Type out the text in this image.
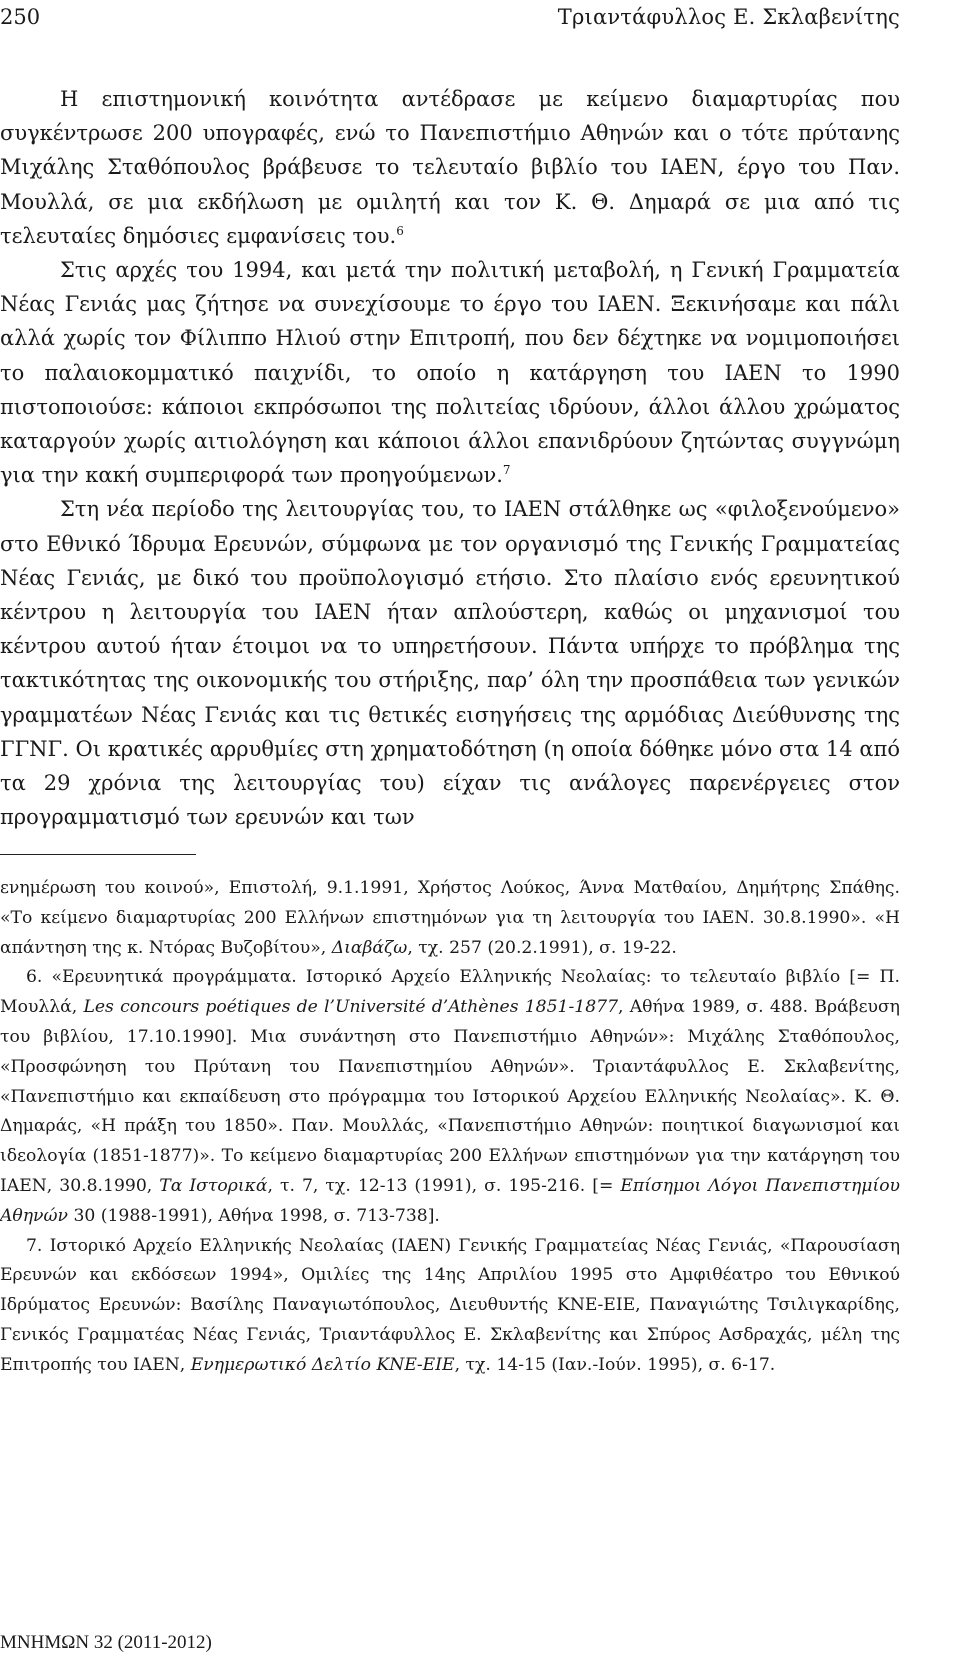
250	Τριαντάφυλλος Ε. Σκλαβενίτης

Η επιστημονική κοινότητα αντέδρασε με κείμενο διαμαρτυρίας που συγκέντρωσε 200 υπογραφές, ενώ το Πανεπιστήμιο Αθηνών και ο τότε πρύτανης Μιχάλης Σταθόπουλος βράβευσε το τελευταίο βιβλίο του ΙΑΕΝ, έργο του Παν. Μουλλά, σε μια εκδήλωση με ομιλητή και τον Κ. Θ. Δημαρά σε μια από τις τελευταίες δημόσιες εμφανίσεις του.$^6$

Στις αρχές του 1994, και μετά την πολιτική μεταβολή, η Γενική Γραμματεία Νέας Γενιάς μας ζήτησε να συνεχίσουμε το έργο του ΙΑΕΝ. Ξεκινήσαμε και πάλι αλλά χωρίς τον Φίλιππο Ηλιού στην Επιτροπή, που δεν δέχτηκε να νομιμοποιήσει το παλαιοκομματικό παιχνίδι, το οποίο η κατάργηση του ΙΑΕΝ το 1990 πιστοποιούσε: κάποιοι εκπρόσωποι της πολιτείας ιδρύουν, άλλοι άλλου χρώματος καταργούν χωρίς αιτιολόγηση και κάποιοι άλλοι επανιδρύουν ζητώντας συγγνώμη για την κακή συμπεριφορά των προηγούμενων.$^7$

Στη νέα περίοδο της λειτουργίας του, το ΙΑΕΝ στάλθηκε ως «φιλοξενούμενο» στο Εθνικό Ίδρυμα Ερευνών, σύμφωνα με τον οργανισμό της Γενικής Γραμματείας Νέας Γενιάς, με δικό του προϋπολογισμό ετήσιο. Στο πλαίσιο ενός ερευνητικού κέντρου η λειτουργία του ΙΑΕΝ ήταν απλούστερη, καθώς οι μηχανισμοί του κέντρου αυτού ήταν έτοιμοι να το υπηρετήσουν. Πάντα υπήρχε το πρόβλημα της τακτικότητας της οικονομικής του στήριξης, παρ’ όλη την προσπάθεια των γενικών γραμματέων Νέας Γενιάς και τις θετικές εισηγήσεις της αρμόδιας Διεύθυνσης της ΓΓΝΓ. Οι κρατικές αρρυθμίες στη χρηματοδότηση (η οποία δόθηκε μόνο στα 14 από τα 29 χρόνια της λειτουργίας του) είχαν τις ανάλογες παρενέργειες στον προγραμματισμό των ερευνών και των

ενημέρωση του κοινού», Επιστολή, 9.1.1991, Χρήστος Λούκος, Άννα Ματθαίου, Δημήτρης Σπάθης. «Το κείμενο διαμαρτυρίας 200 Ελλήνων επιστημόνων για τη λειτουργία του ΙΑΕΝ. 30.8.1990». «Η απάντηση της κ. Ντόρας Βυζοβίτου», Διαβάζω, τχ. 257 (20.2.1991), σ. 19-22.

6. «Ερευνητικά προγράμματα. Ιστορικό Αρχείο Ελληνικής Νεολαίας: το τελευταίο βιβλίο [= Π. Μουλλά, Les concours poétiques de l’Université d’Athènes 1851-1877, Αθήνα 1989, σ. 488. Βράβευση του βιβλίου, 17.10.1990]. Μια συνάντηση στο Πανεπιστήμιο Αθηνών»: Μιχάλης Σταθόπουλος, «Προσφώνηση του Πρύτανη του Πανεπιστημίου Αθηνών». Τριαντάφυλλος Ε. Σκλαβενίτης, «Πανεπιστήμιο και εκπαίδευση στο πρόγραμμα του Ιστορικού Αρχείου Ελληνικής Νεολαίας». Κ. Θ. Δημαράς, «Η πράξη του 1850». Παν. Μουλλάς, «Πανεπιστήμιο Αθηνών: ποιητικοί διαγωνισμοί και ιδεολογία (1851-1877)». Το κείμενο διαμαρτυρίας 200 Ελλήνων επιστημόνων για την κατάργηση του ΙΑΕΝ, 30.8.1990, Τα Ιστορικά, τ. 7, τχ. 12-13 (1991), σ. 195-216. [= Επίσημοι Λόγοι Πανεπιστημίου Αθηνών 30 (1988-1991), Αθήνα 1998, σ. 713-738].

7. Ιστορικό Αρχείο Ελληνικής Νεολαίας (ΙΑΕΝ) Γενικής Γραμματείας Νέας Γενιάς, «Παρουσίαση Ερευνών και εκδόσεων 1994», Ομιλίες της 14ης Απριλίου 1995 στο Αμφιθέατρο του Εθνικού Ιδρύματος Ερευνών: Βασίλης Παναγιωτόπουλος, Διευθυντής ΚΝΕ-ΕΙΕ, Παναγιώτης Τσιλιγκαρίδης, Γενικός Γραμματέας Νέας Γενιάς, Τριαντάφυλλος Ε. Σκλαβενίτης και Σπύρος Ασδραχάς, μέλη της Επιτροπής του ΙΑΕΝ, Ενημερωτικό Δελτίο ΚΝΕ-ΕΙΕ, τχ. 14-15 (Ιαν.-Ιούν. 1995), σ. 6-17.

ΜΝΗΜΩΝ 32 (2011-2012)
